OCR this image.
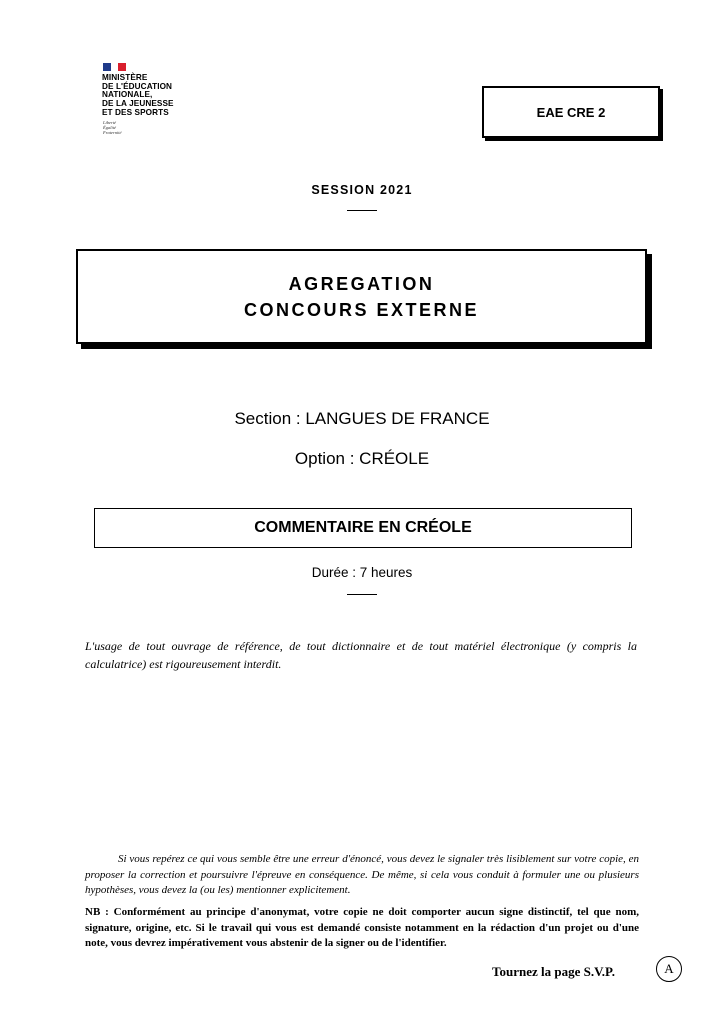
MINISTÈRE
DE L'ÉDUCATION
NATIONALE,
DE LA JEUNESSE
ET DES SPORTS
Liberté
Égalité
Fraternité
EAE CRE 2
SESSION 2021
AGREGATION
CONCOURS EXTERNE
Section : LANGUES DE FRANCE
Option : CRÉOLE
COMMENTAIRE EN CRÉOLE
Durée : 7 heures
L'usage de tout ouvrage de référence, de tout dictionnaire et de tout matériel électronique (y compris la calculatrice) est rigoureusement interdit.
Si vous repérez ce qui vous semble être une erreur d'énoncé, vous devez le signaler très lisiblement sur votre copie, en proposer la correction et poursuivre l'épreuve en conséquence. De même, si cela vous conduit à formuler une ou plusieurs hypothèses, vous devez la (ou les) mentionner explicitement.
NB : Conformément au principe d'anonymat, votre copie ne doit comporter aucun signe distinctif, tel que nom, signature, origine, etc. Si le travail qui vous est demandé consiste notamment en la rédaction d'un projet ou d'une note, vous devrez impérativement vous abstenir de la signer ou de l'identifier.
Tournez la page S.V.P.	A
